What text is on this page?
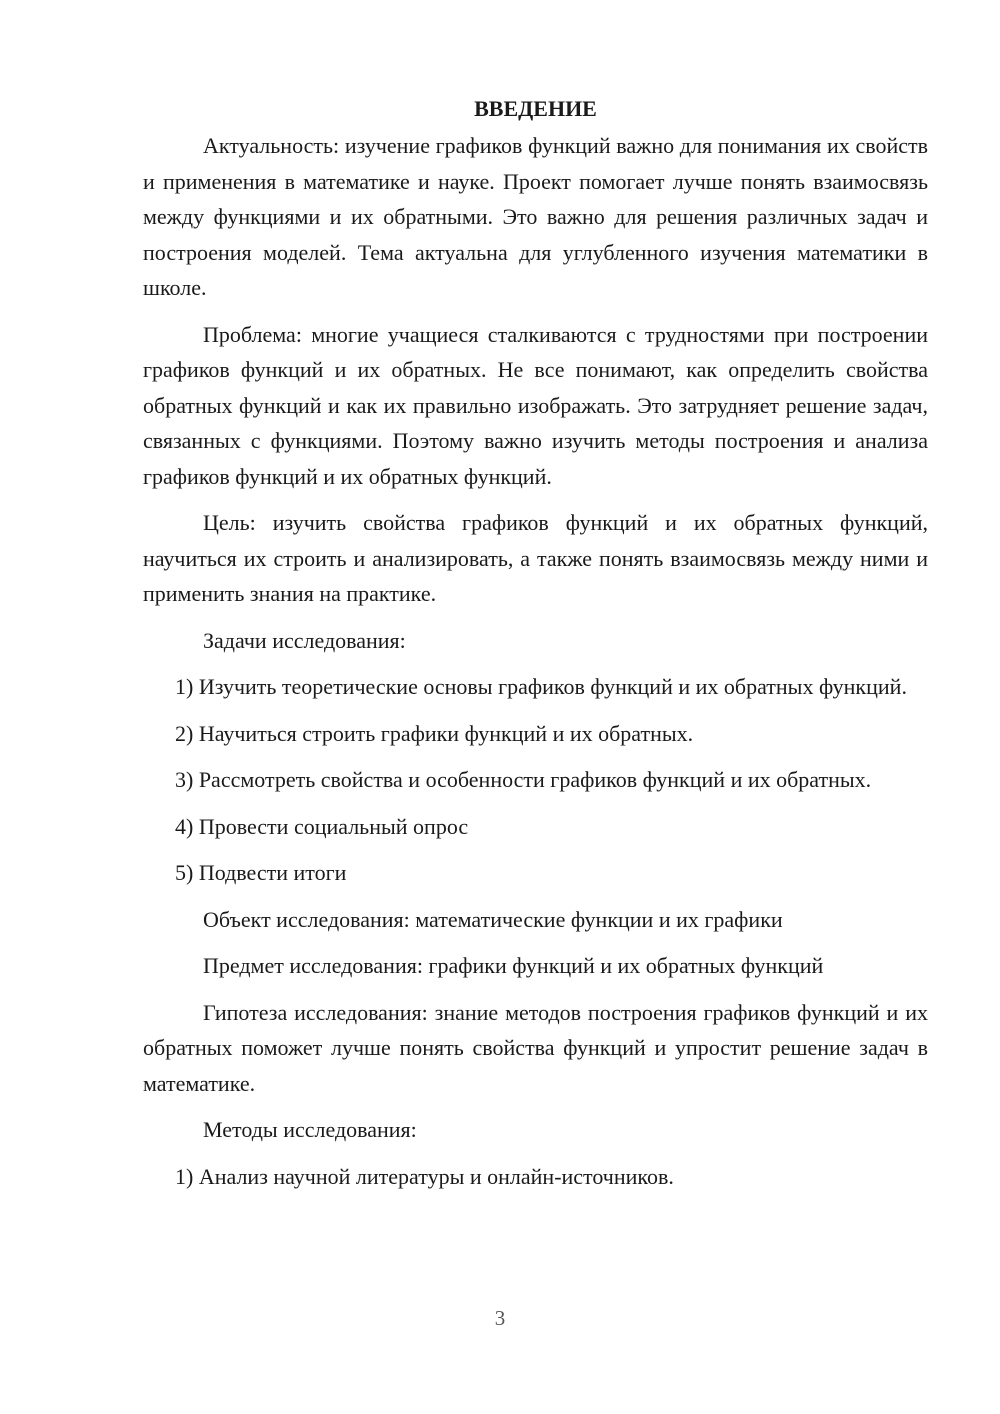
ВВЕДЕНИЕ

Актуальность: изучение графиков функций важно для понимания их свойств и применения в математике и науке. Проект помогает лучше понять взаимосвязь между функциями и их обратными. Это важно для решения различных задач и построения моделей. Тема актуальна для углубленного изучения математики в школе.

Проблема: многие учащиеся сталкиваются с трудностями при построении графиков функций и их обратных. Не все понимают, как определить свойства обратных функций и как их правильно изображать. Это затрудняет решение задач, связанных с функциями. Поэтому важно изучить методы построения и анализа графиков функций и их обратных функций.

Цель: изучить свойства графиков функций и их обратных функций, научиться их строить и анализировать, а также понять взаимосвязь между ними и применить знания на практике.

Задачи исследования:

1) Изучить теоретические основы графиков функций и их обратных функций.

2) Научиться строить графики функций и их обратных.

3) Рассмотреть свойства и особенности графиков функций и их обратных.

4) Провести социальный опрос

5) Подвести итоги

Объект исследования: математические функции и их графики

Предмет исследования: графики функций и их обратных функций

Гипотеза исследования: знание методов построения графиков функций и их обратных поможет лучше понять свойства функций и упростит решение задач в математике.

Методы исследования:

1) Анализ научной литературы и онлайн-источников.

3
